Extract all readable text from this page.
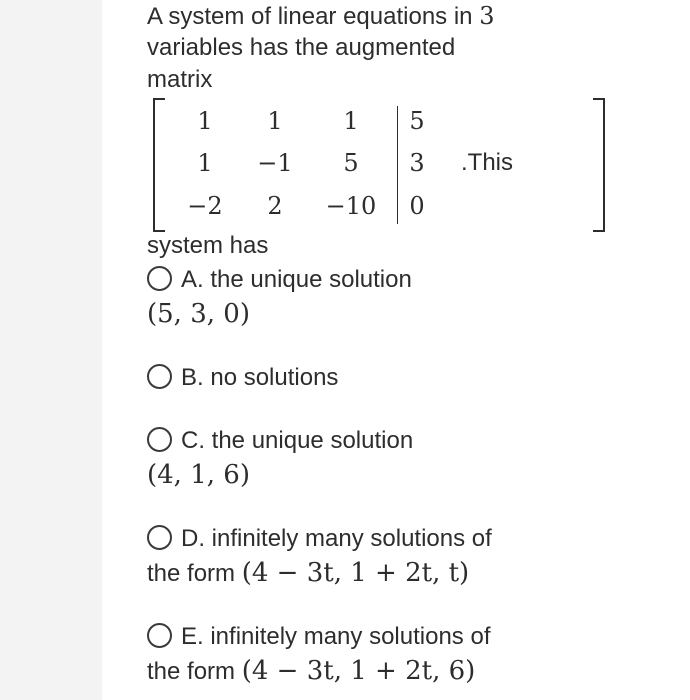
A system of linear equations in 3
variables has the augmented
matrix
1	1	1	5
1	−1	5	3
−2	2	−10	0
.This
system has
A. the unique solution
(5, 3, 0)
B. no solutions
C. the unique solution
(4, 1, 6)
D. infinitely many solutions of
the form (4 − 3t, 1 + 2t, t)
E. infinitely many solutions of
the form (4 − 3t, 1 + 2t, 6)
